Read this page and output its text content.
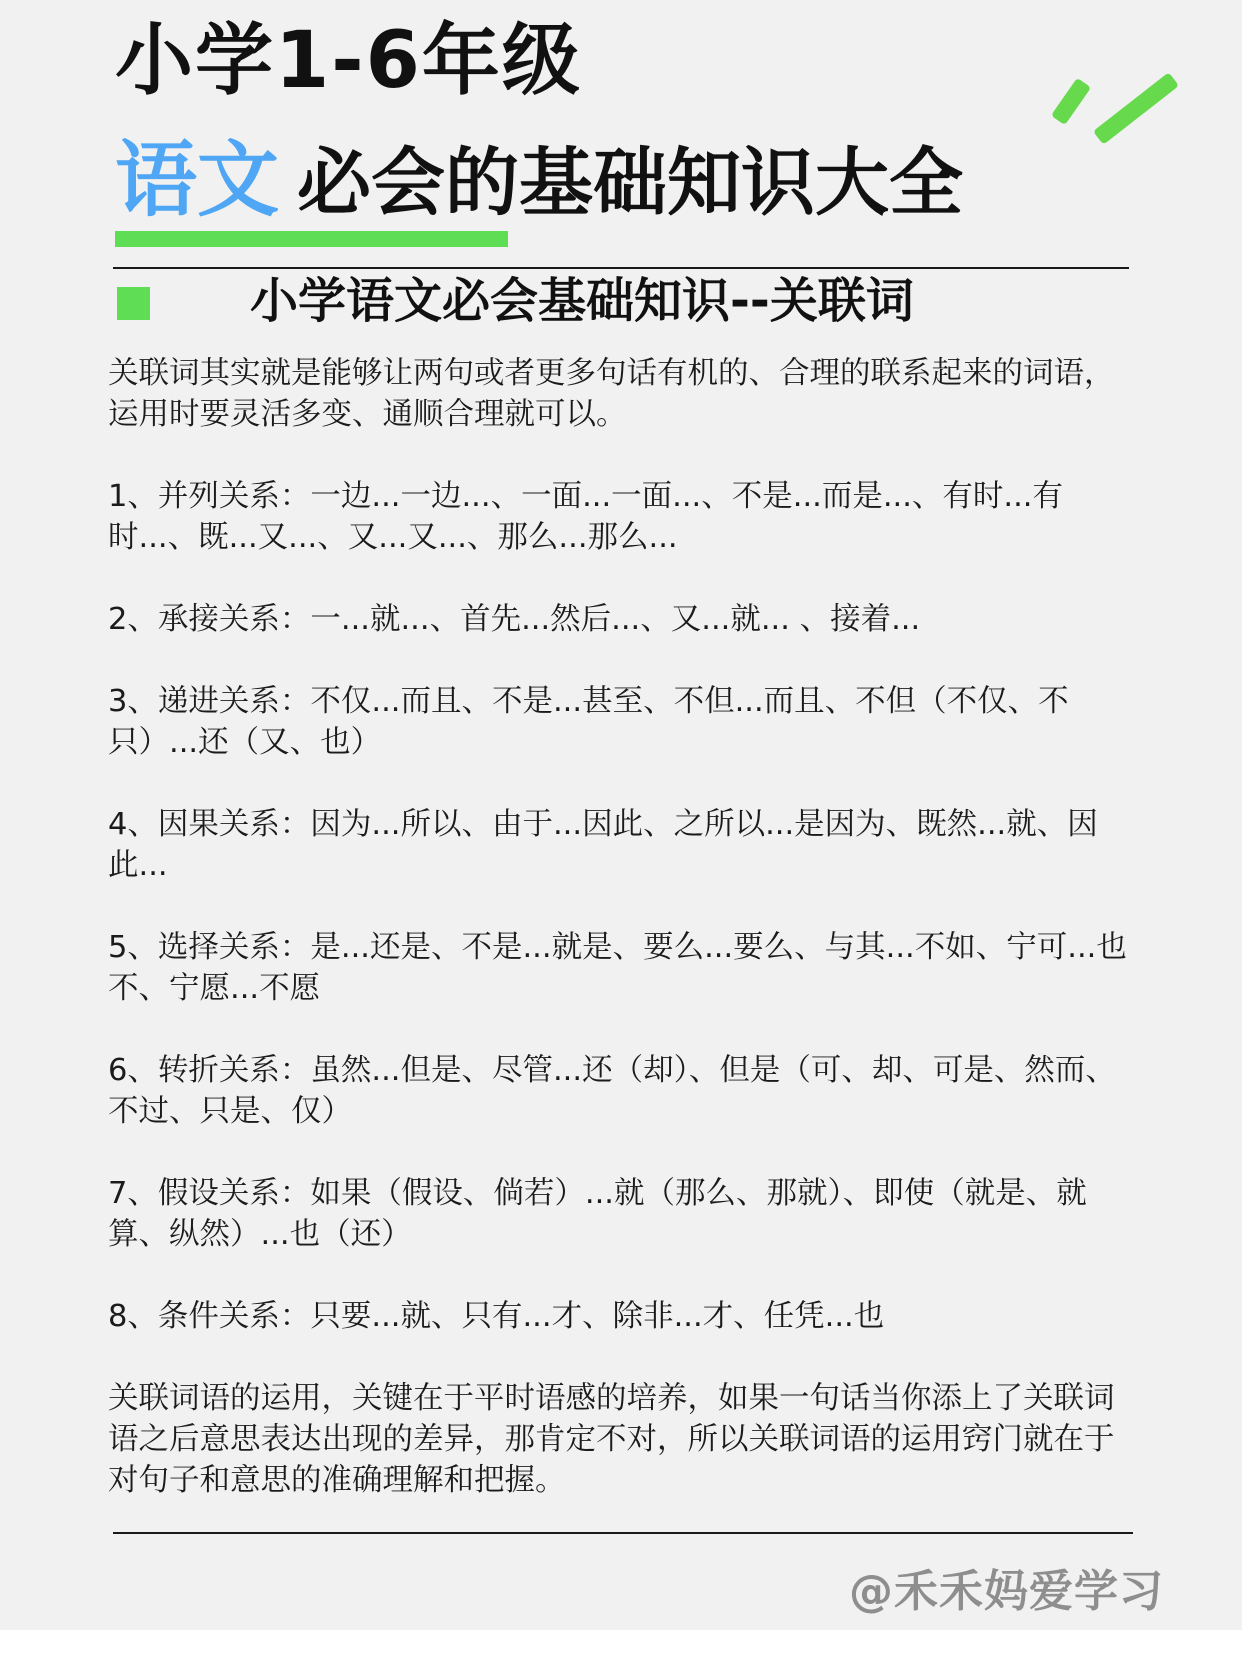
小学1-6年级
语文 必会的基础知识大全
小学语文必会基础知识--关联词

关联词其实就是能够让两句或者更多句话有机的、合理的联系起来的词语，运用时要灵活多变、通顺合理就可以。

1、并列关系：一边...一边...、一面...一面...、不是...而是...、有时...有时...、既...又...、又...又...、那么...那么...

2、承接关系：一...就...、首先...然后...、又...就... 、接着...

3、递进关系：不仅...而且、不是...甚至、不但...而且、不但（不仅、不只）...还（又、也）

4、因果关系：因为...所以、由于...因此、之所以...是因为、既然...就、因此...

5、选择关系：是...还是、不是...就是、要么...要么、与其...不如、宁可...也不、宁愿...不愿

6、转折关系：虽然...但是、尽管...还（却）、但是（可、却、可是、然而、不过、只是、仅）

7、假设关系：如果（假设、倘若）...就（那么、那就）、即使（就是、就算、纵然）...也（还）

8、条件关系：只要...就、只有...才、除非...才、任凭...也

关联词语的运用，关键在于平时语感的培养，如果一句话当你添上了关联词语之后意思表达出现的差异，那肯定不对，所以关联词语的运用窍门就在于对句子和意思的准确理解和把握。

@禾禾妈爱学习
